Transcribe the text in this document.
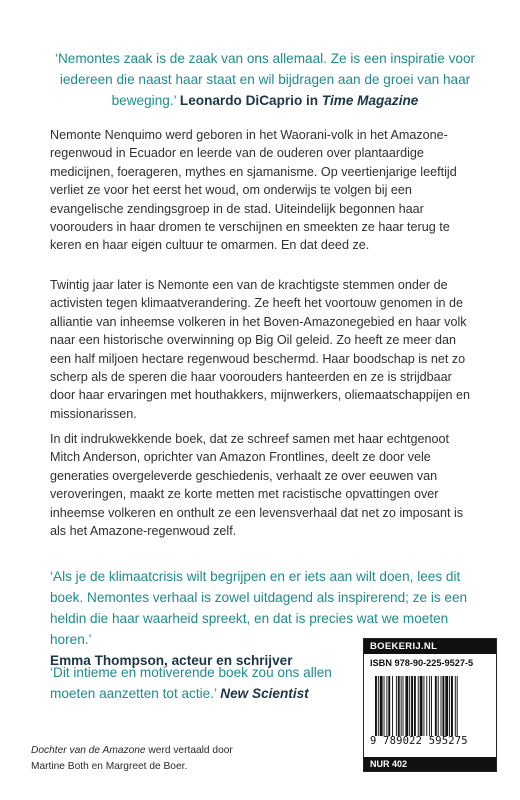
‘Nemontes zaak is de zaak van ons allemaal. Ze is een inspiratie voor iedereen die naast haar staat en wil bijdragen aan de groei van haar beweging.’ Leonardo DiCaprio in Time Magazine

Nemonte Nenquimo werd geboren in het Waorani-volk in het Amazone-regenwoud in Ecuador en leerde van de ouderen over plantaardige medicijnen, foerageren, mythes en sjamanisme. Op veertienjarige leeftijd verliet ze voor het eerst het woud, om onderwijs te volgen bij een evangelische zendingsgroep in de stad. Uiteindelijk begonnen haar voorouders in haar dromen te verschijnen en smeekten ze haar terug te keren en haar eigen cultuur te omarmen. En dat deed ze.

Twintig jaar later is Nemonte een van de krachtigste stemmen onder de activisten tegen klimaatverandering. Ze heeft het voortouw genomen in de alliantie van inheemse volkeren in het Boven-Amazonegebied en haar volk naar een historische overwinning op Big Oil geleid. Zo heeft ze meer dan een half miljoen hectare regenwoud beschermd. Haar boodschap is net zo scherp als de speren die haar voorouders hanteerden en ze is strijdbaar door haar ervaringen met houthakkers, mijnwerkers, oliemaatschappijen en missionarissen.

In dit indrukwekkende boek, dat ze schreef samen met haar echtgenoot Mitch Anderson, oprichter van Amazon Frontlines, deelt ze door vele generaties overgeleverde geschiedenis, verhaalt ze over eeuwen van veroveringen, maakt ze korte metten met racistische opvattingen over inheemse volkeren en onthult ze een levensverhaal dat net zo imposant is als het Amazone-regenwoud zelf.

‘Als je de klimaatcrisis wilt begrijpen en er iets aan wilt doen, lees dit boek. Nemontes verhaal is zowel uitdagend als inspirerend; ze is een heldin die haar waarheid spreekt, en dat is precies wat we moeten horen.’
Emma Thompson, acteur en schrijver
‘Dit intieme en motiverende boek zou ons allen moeten aanzetten tot actie.’ New Scientist
Dochter van de Amazone werd vertaald door
Martine Both en Margreet de Boer.
BOEKERIJ.NL
ISBN 978-90-225-9527-5
9 789022 595275
NUR 402
